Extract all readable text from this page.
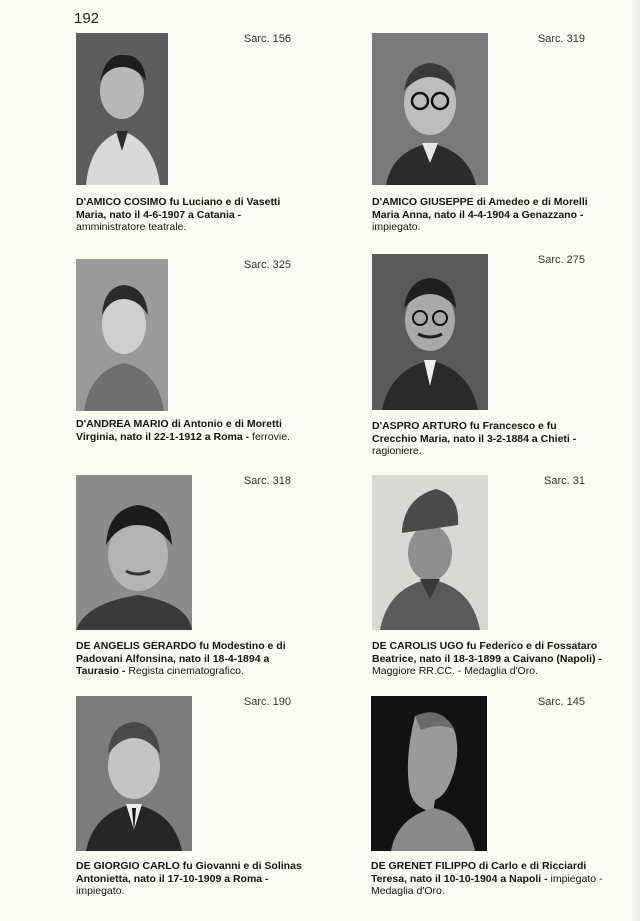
192
Sarc. 156
D'AMICO COSIMO fu Luciano e di Vasetti Maria, nato il 4-6-1907 a Catania - amministratore teatrale.
Sarc. 319
D'AMICO GIUSEPPE di Amedeo e di Morelli Maria Anna, nato il 4-4-1904 a Genazzano - impiegato.
Sarc. 325
D'ANDREA MARIO di Antonio e di Moretti Virginia, nato il 22-1-1912 a Roma - ferrovie.
Sarc. 275
D'ASPRO ARTURO fu Francesco e fu Crecchio Maria, nato il 3-2-1884 a Chieti - ragioniere.
Sarc. 318
DE ANGELIS GERARDO fu Modestino e di Padovani Alfonsina, nato il 18-4-1894 a Taurasio - Regista cinematografico.
Sarc. 31
DE CAROLIS UGO fu Federico e di Fossataro Beatrice, nato il 18-3-1899 a Caivano (Napoli) - Maggiore RR.CC. - Medaglia d'Oro.
Sarc. 190
DE GIORGIO CARLO fu Giovanni e di Solinas Antonietta, nato il 17-10-1909 a Roma - impiegato.
Sarc. 145
DE GRENET FILIPPO di Carlo e di Ricciardi Teresa, nato il 10-10-1904 a Napoli - impiegato - Medaglia d'Oro.
